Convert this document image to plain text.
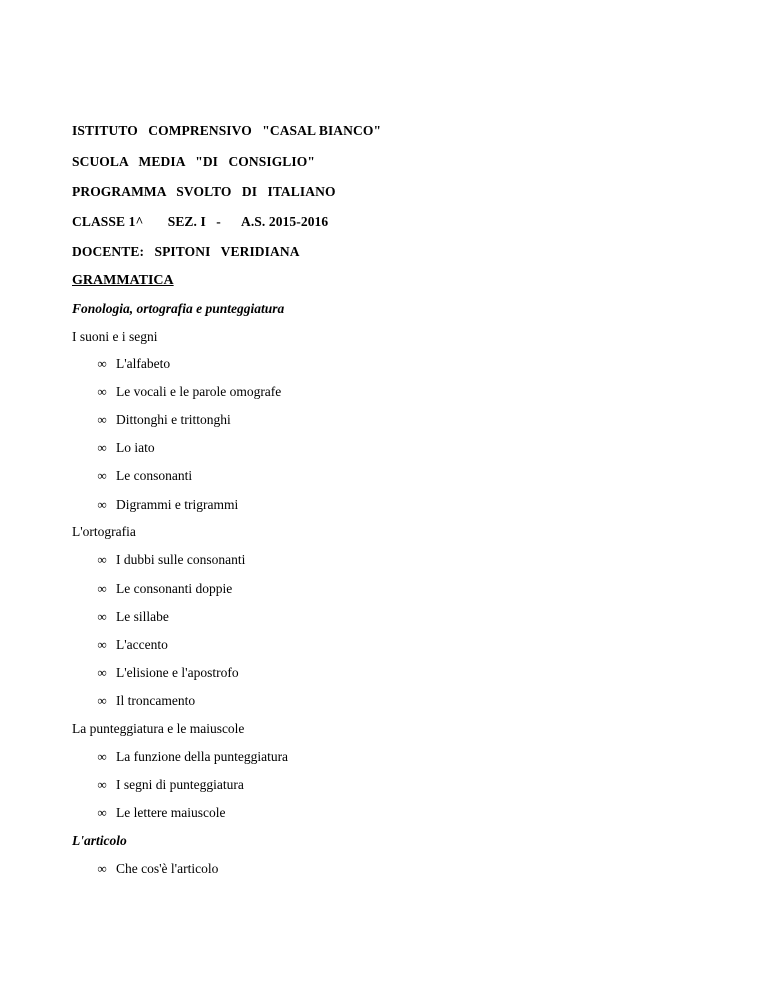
ISTITUTO   COMPRENSIVO   "CASAL BIANCO"
SCUOLA   MEDIA   "DI   CONSIGLIO"
PROGRAMMA   SVOLTO   DI   ITALIANO
CLASSE 1^       SEZ. I   -      A.S. 2015-2016
DOCENTE:   SPITONI   VERIDIANA
GRAMMATICA
Fonologia, ortografia e punteggiatura
I suoni e i segni
∞ L'alfabeto
∞ Le vocali e le parole omografe
∞ Dittonghi e trittonghi
∞ Lo iato
∞ Le consonanti
∞ Digrammi e trigrammi
L'ortografia
∞ I dubbi sulle consonanti
∞ Le consonanti doppie
∞ Le sillabe
∞ L'accento
∞ L'elisione e l'apostrofo
∞ Il troncamento
La punteggiatura e le maiuscole
∞ La funzione della punteggiatura
∞ I segni di punteggiatura
∞ Le lettere maiuscole
L'articolo
∞ Che cos'è l'articolo
